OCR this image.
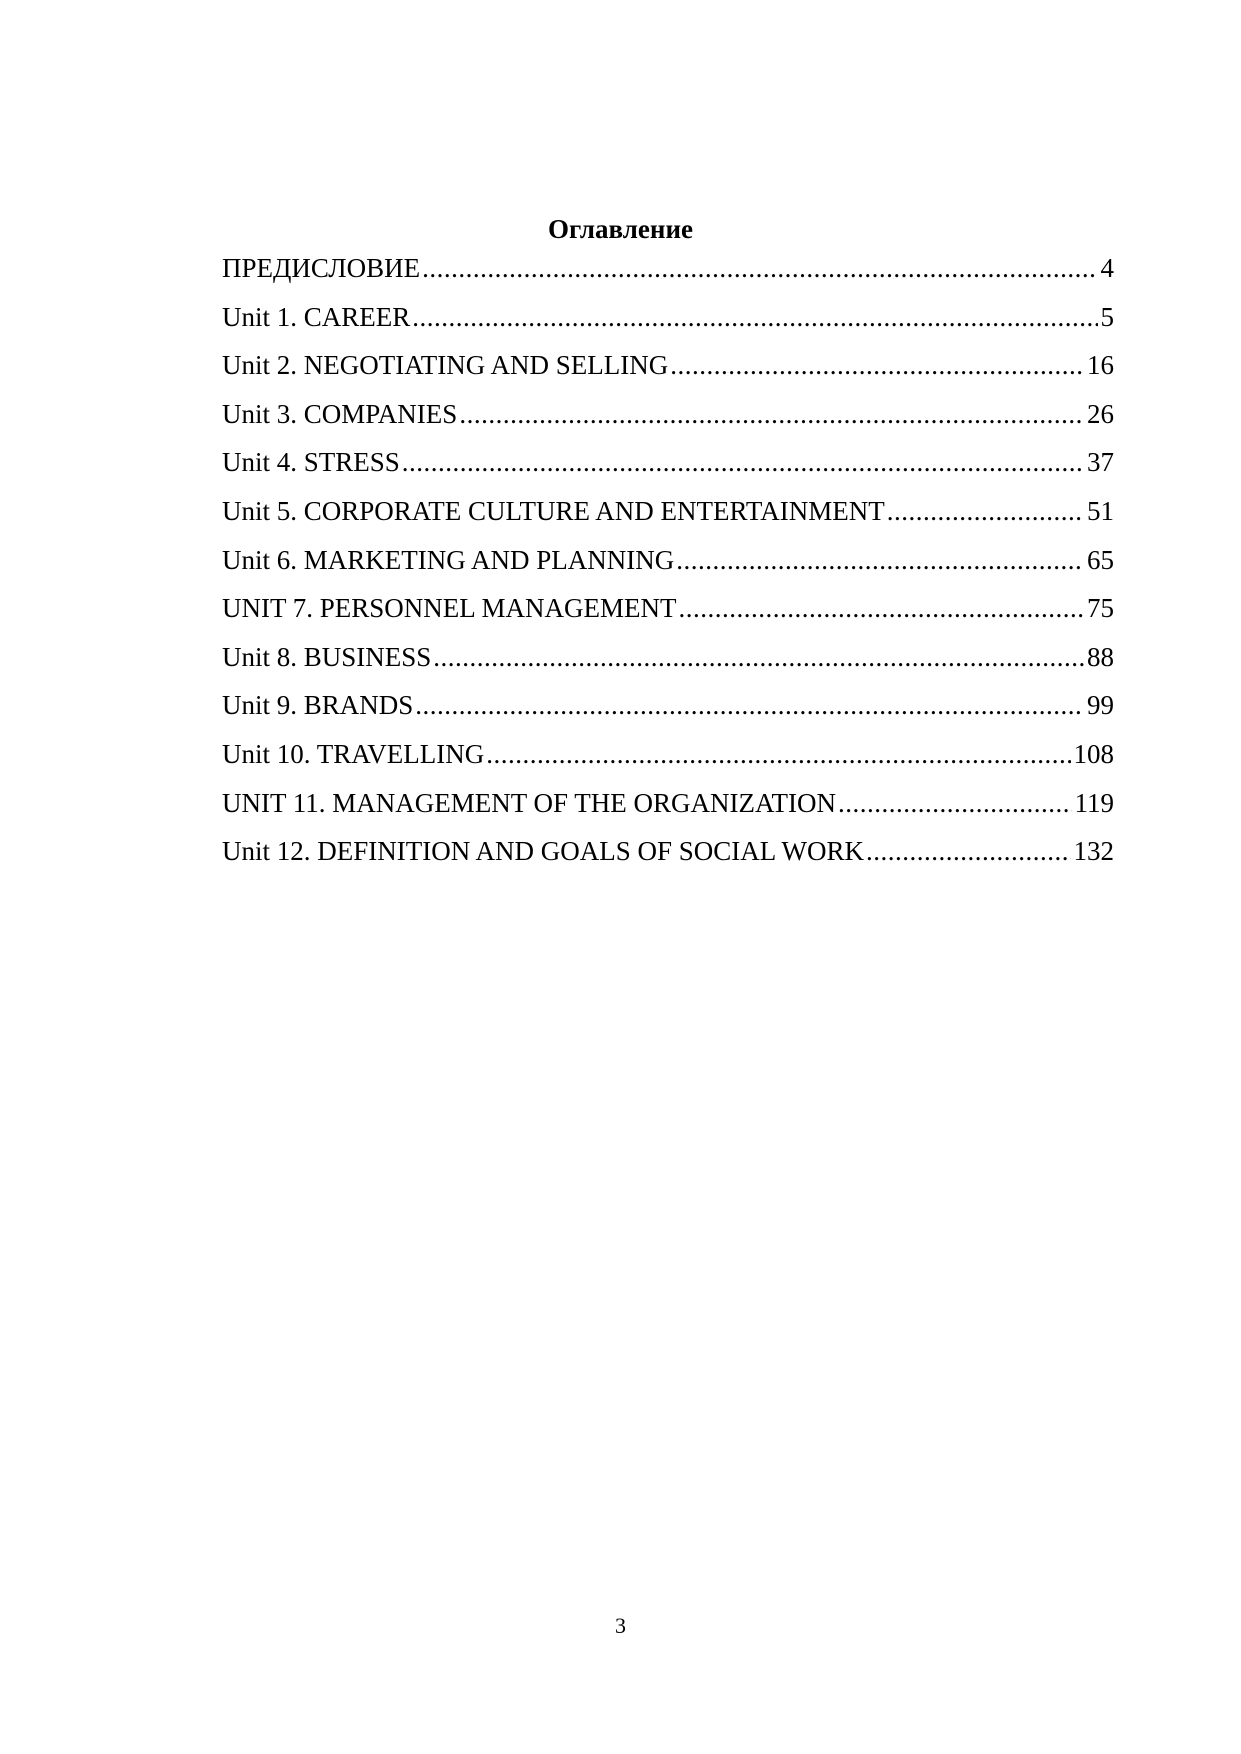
Оглавление
ПРЕДИСЛОВИЕ .....	4
Unit 1. CAREER .....	5
Unit 2. NEGOTIATING AND SELLING .....	16
Unit 3. COMPANIES .....	26
Unit 4. STRESS .....	37
Unit 5. CORPORATE CULTURE AND ENTERTAINMENT .....	51
Unit 6. MARKETING AND PLANNING .....	65
UNIT 7. PERSONNEL MANAGEMENT .....	75
Unit 8. BUSINESS .....	88
Unit 9. BRANDS .....	99
Unit 10. TRAVELLING .....	108
UNIT 11. MANAGEMENT OF THE ORGANIZATION .....	119
Unit 12. DEFINITION AND GOALS OF SOCIAL WORK .....	132
3
